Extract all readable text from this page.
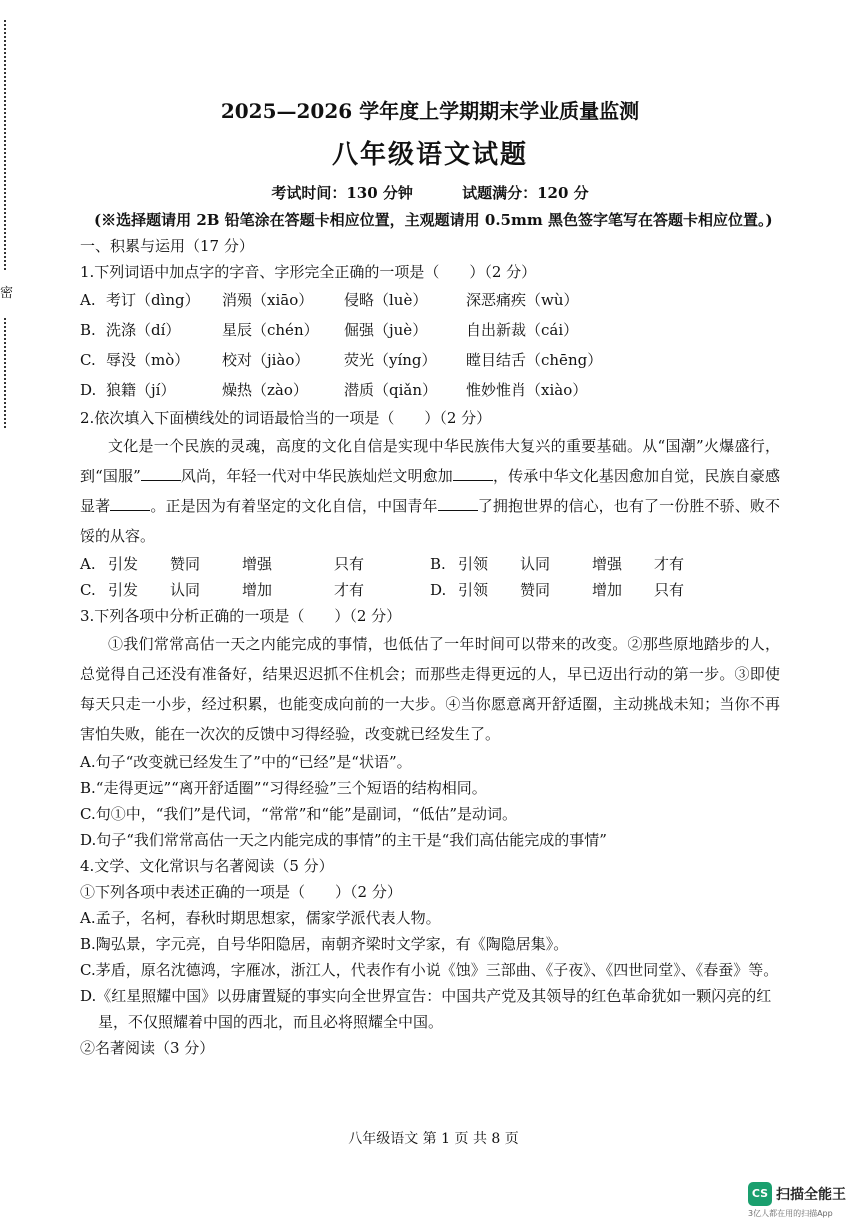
密
2025—2026 学年度上学期期末学业质量监测
八年级语文试题
考试时间：130 分钟	试题满分：120 分
(※选择题请用 2B 铅笔涂在答题卡相应位置，主观题请用 0.5mm 黑色签字笔写在答题卡相应位置。)
一、积累与运用（17 分）
1.下列词语中加点字的字音、字形完全正确的一项是（　　）（2 分）
A. 考订（dìng）	消殒（xiāo）	侵略（luè）	深恶痛疾（wù）
B. 洗涤（dí）	星辰（chén）	倔强（juè）	自出新裁（cái）
C. 辱没（mò）	校对（jiào）	荧光（yíng）	瞠目结舌（chēng）
D. 狼籍（jí）	燥热（zào）	潜质（qiǎn）	惟妙惟肖（xiào）
2.依次填入下面横线处的词语最恰当的一项是（　　）（2 分）
文化是一个民族的灵魂，高度的文化自信是实现中华民族伟大复兴的重要基础。从“国潮”火爆盛行，到“国服”	风尚，年轻一代对中华民族灿烂文明愈加	，传承中华文化基因愈加自觉，民族自豪感显著	。正是因为有着坚定的文化自信，中国青年	了拥抱世界的信心，也有了一份胜不骄、败不馁的从容。
A. 引发	赞同	增强	只有	B. 引领	认同	增强	才有
C. 引发	认同	增加	才有	D. 引领	赞同	增加	只有
3.下列各项中分析正确的一项是（　　）（2 分）
①我们常常高估一天之内能完成的事情，也低估了一年时间可以带来的改变。②那些原地踏步的人，总觉得自己还没有准备好，结果迟迟抓不住机会；而那些走得更远的人，早已迈出行动的第一步。③即使每天只走一小步，经过积累，也能变成向前的一大步。④当你愿意离开舒适圈，主动挑战未知；当你不再害怕失败，能在一次次的反馈中习得经验，改变就已经发生了。
A.句子“改变就已经发生了”中的“已经”是“状语”。
B.“走得更远”“离开舒适圈”“习得经验”三个短语的结构相同。
C.句①中，“我们”是代词，“常常”和“能”是副词，“低估”是动词。
D.句子“我们常常高估一天之内能完成的事情”的主干是“我们高估能完成的事情”
4.文学、文化常识与名著阅读（5 分）
①下列各项中表述正确的一项是（　　）（2 分）
A.孟子，名柯，春秋时期思想家，儒家学派代表人物。
B.陶弘景，字元亮，自号华阳隐居，南朝齐梁时文学家，有《陶隐居集》。
C.茅盾，原名沈德鸿，字雁冰，浙江人，代表作有小说《蚀》三部曲、《子夜》、《四世同堂》、《春蚕》等。
D.《红星照耀中国》以毋庸置疑的事实向全世界宣告：中国共产党及其领导的红色革命犹如一颗闪亮的红星，不仅照耀着中国的西北，而且必将照耀全中国。
②名著阅读（3 分）
八年级语文 第 1 页 共 8 页
CS 扫描全能王
3亿人都在用的扫描App
